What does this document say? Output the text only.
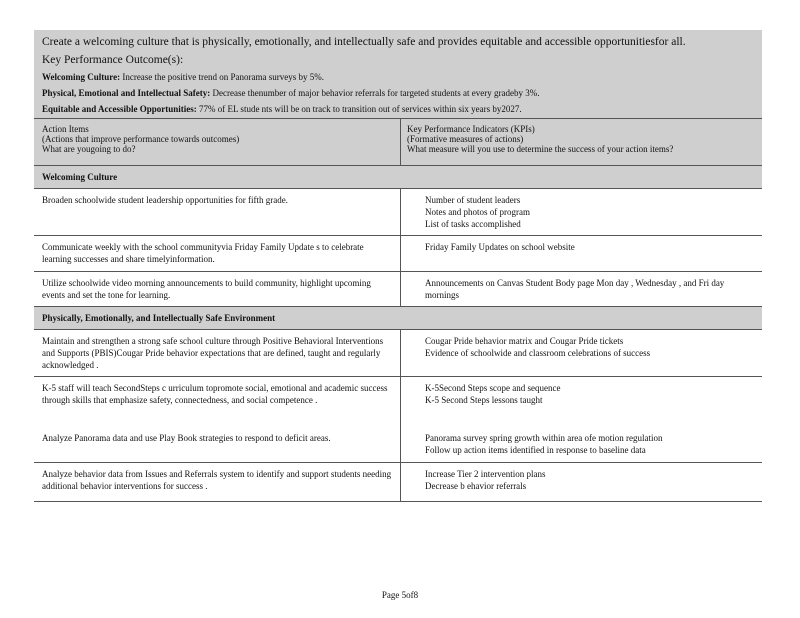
Create a welcoming culture that is physically, emotionally, and intellectually safe and provides equitable and accessible opportunitiesfor all.
Key Performance Outcome(s):
Welcoming Culture: Increase the positive trend on Panorama surveys by 5%.
Physical, Emotional and Intellectual Safety: Decrease thenumber of major behavior referrals for targeted students at every gradeby 3%.
Equitable and Accessible Opportunities: 77% of EL stude nts will be on track to transition out of services within six years by2027.
Action Items
(Actions that improve performance towards outcomes)
What are yougoing to do?
Key Performance Indicators (KPIs)
(Formative measures of actions)
What measure will you use to determine the success of your action items?
Welcoming Culture
Broaden schoolwide student leadership opportunities for fifth grade.	Number of student leaders
Notes and photos of program
List of tasks accomplished
Communicate weekly with the school communityvia Friday Family Update s to celebrate learning successes and share timelyinformation.
Friday Family Updates on school website
Utilize schoolwide video morning announcements to build community, highlight upcoming events and set the tone for learning.
Announcements on Canvas Student Body page Mon day , Wednesday , and Fri day mornings
Physically, Emotionally, and Intellectually Safe Environment
Maintain and strengthen a strong safe school culture through Positive Behavioral Interventions and Supports (PBIS)Cougar Pride behavior expectations that are defined, taught and regularly acknowledged .
Cougar Pride behavior matrix and Cougar Pride tickets
Evidence of schoolwide and classroom celebrations of success
K-5 staff will teach SecondSteps c urriculum topromote social, emotional and academic success through skills that emphasize safety, connectedness, and social competence .
K-5Second Steps scope and sequence
K-5 Second Steps lessons taught
Analyze Panorama data and use Play Book strategies to respond to deficit areas.	Panorama survey spring growth within area ofe motion regulation
Follow up action items identified in response to baseline data
Analyze behavior data from Issues and Referrals system to identify and support students needing additional behavior interventions for success .
Increase Tier 2 intervention plans
Decrease b ehavior referrals
Page 5of8
